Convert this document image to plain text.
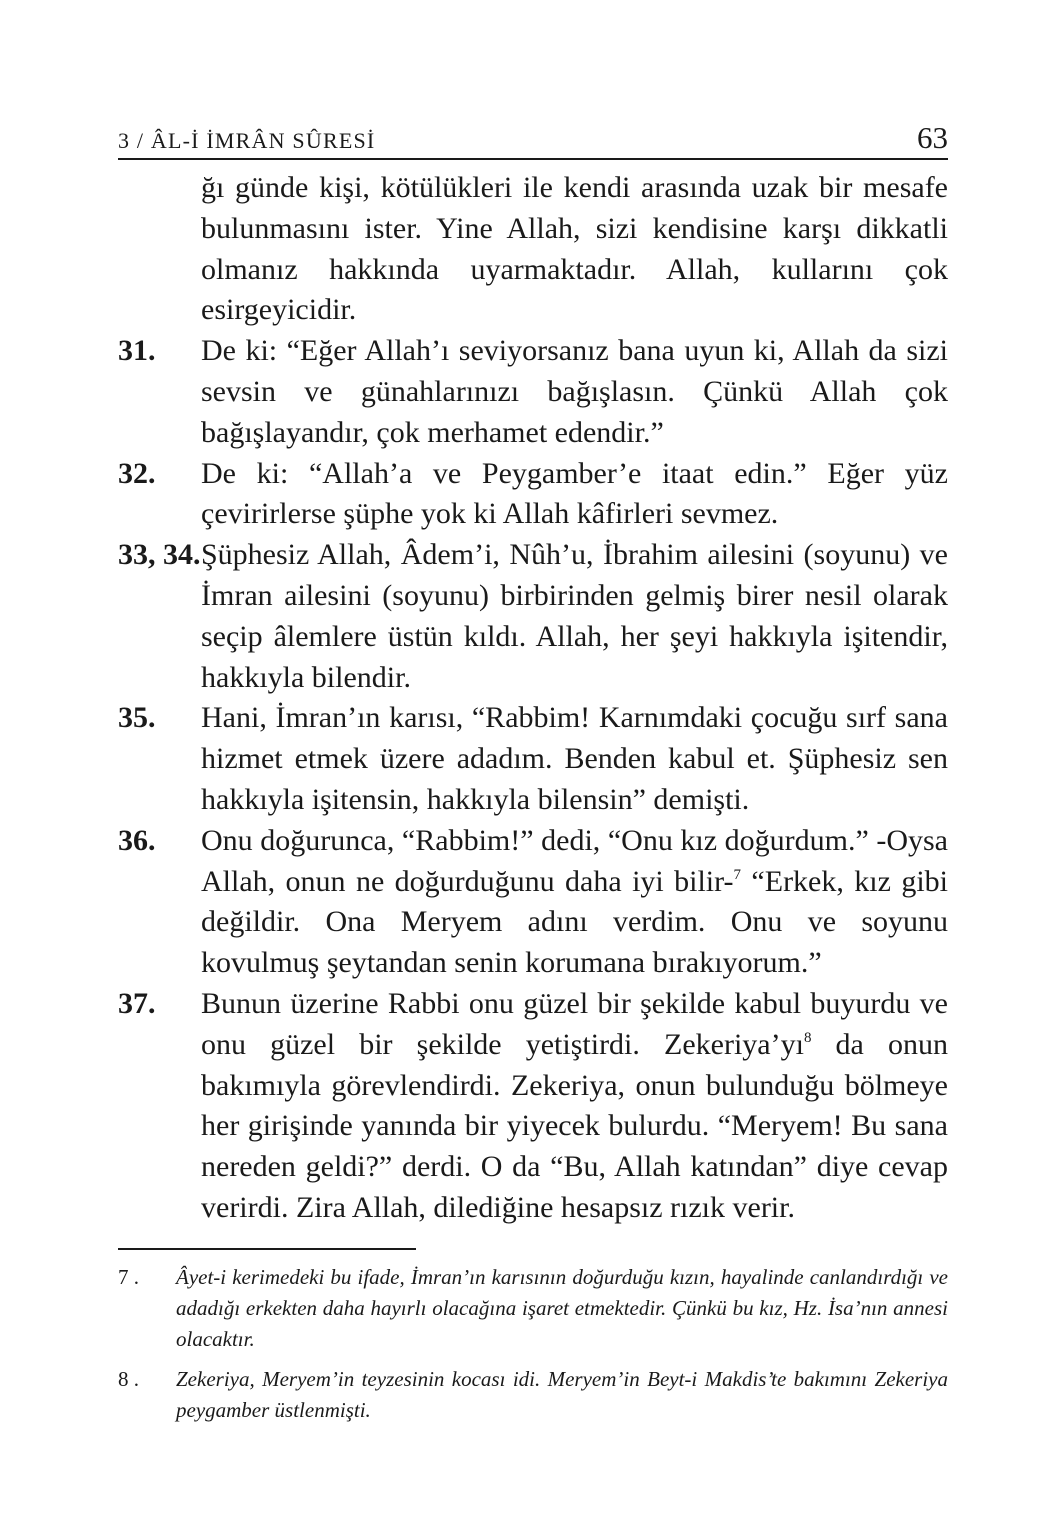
3 / ÂL-İ İMRÂN SÛRESİ	63

ğı günde kişi, kötülükleri ile kendi arasında uzak bir mesafe bulunmasını ister. Yine Allah, sizi kendisine karşı dikkatli olmanız hakkında uyarmaktadır. Allah, kullarını çok esirgeyicidir.

31. De ki: “Eğer Allah’ı seviyorsanız bana uyun ki, Allah da sizi sevsin ve günahlarınızı bağışlasın. Çünkü Allah çok bağışlayandır, çok merhamet edendir.”

32. De ki: “Allah’a ve Peygamber’e itaat edin.” Eğer yüz çevirirlerse şüphe yok ki Allah kâfirleri sevmez.

33, 34. Şüphesiz Allah, Âdem’i, Nûh’u, İbrahim ailesini (soyunu) ve İmran ailesini (soyunu) birbirinden gelmiş birer nesil olarak seçip âlemlere üstün kıldı. Allah, her şeyi hakkıyla işitendir, hakkıyla bilendir.

35. Hani, İmran’ın karısı, “Rabbim! Karnımdaki çocuğu sırf sana hizmet etmek üzere adadım. Benden kabul et. Şüphesiz sen hakkıyla işitensin, hakkıyla bilensin” demişti.

36. Onu doğurunca, “Rabbim!” dedi, “Onu kız doğurdum.” -Oysa Allah, onun ne doğurduğunu daha iyi bilir-$^7$ “Erkek, kız gibi değildir. Ona Meryem adını verdim. Onu ve soyunu kovulmuş şeytandan senin korumana bırakıyorum.”

37. Bunun üzerine Rabbi onu güzel bir şekilde kabul buyurdu ve onu güzel bir şekilde yetiştirdi. $Zekeriya’yı^8$ da onun bakımıyla görevlendirdi. Zekeriya, onun bulunduğu bölmeye her girişinde yanında bir yiyecek bulurdu. “Meryem! Bu sana nereden geldi?” derdi. O da “Bu, Allah katından” diye cevap verirdi. Zira Allah, dilediğine hesapsız rızık verir.

7 . Âyet-i kerimedeki bu ifade, İmran’ın karısının doğurduğu kızın, hayalinde canlandırdığı ve adadığı erkekten daha hayırlı olacağına işaret etmektedir. Çünkü bu kız, Hz. İsa’nın annesi olacaktır.

8 . Zekeriya, Meryem’in teyzesinin kocası idi. Meryem’in Beyt-i Makdis’te bakımını Zekeriya peygamber üstlenmişti.
